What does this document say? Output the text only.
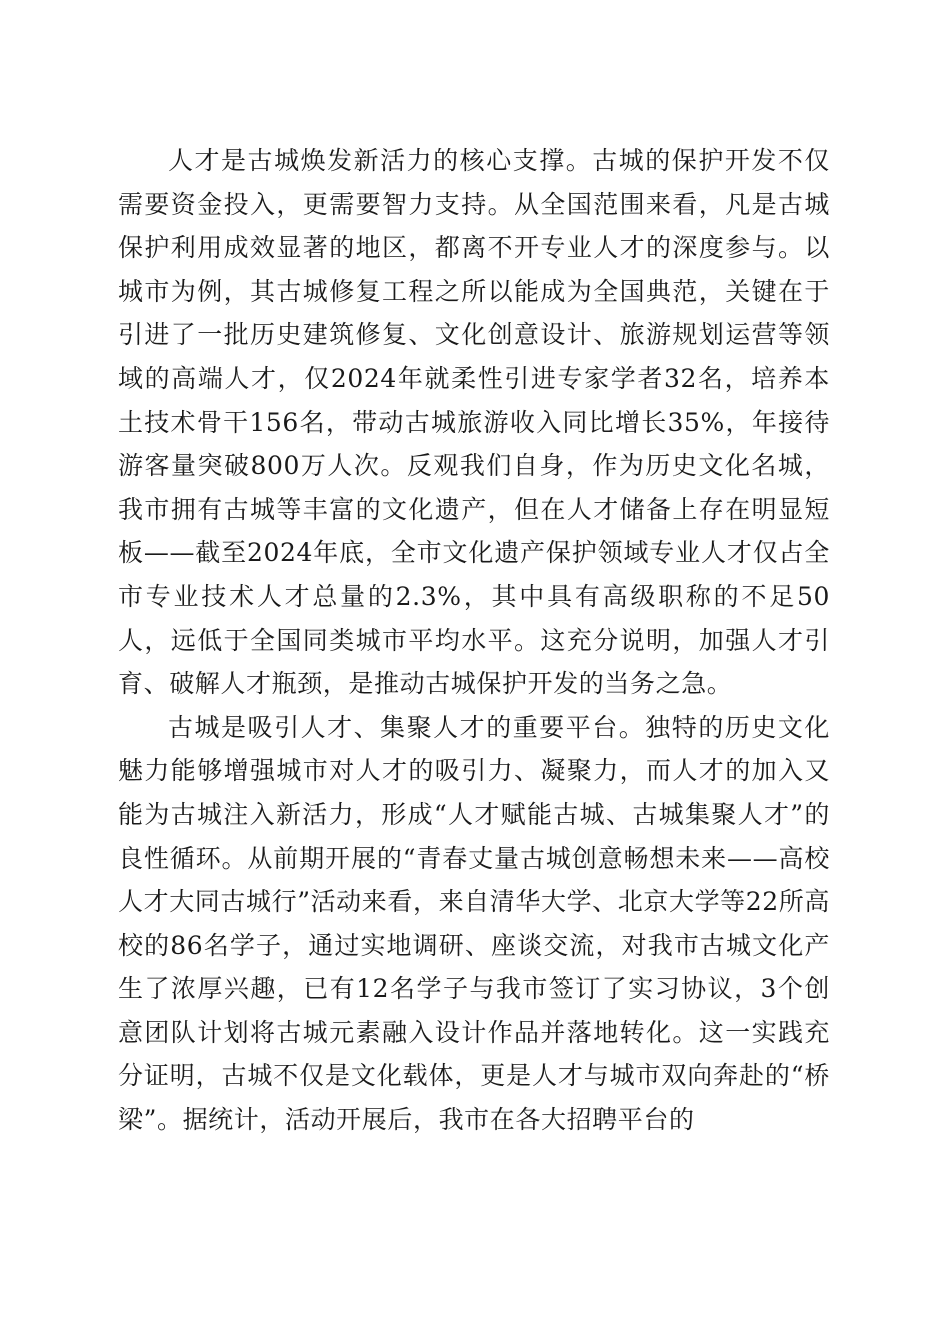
人才是古城焕发新活力的核心支撑。古城的保护开发不仅需要资金投入，更需要智力支持。从全国范围来看，凡是古城保护利用成效显著的地区，都离不开专业人才的深度参与。以城市为例，其古城修复工程之所以能成为全国典范，关键在于引进了一批历史建筑修复、文化创意设计、旅游规划运营等领域的高端人才，仅2024年就柔性引进专家学者32名，培养本土技术骨干156名，带动古城旅游收入同比增长35%，年接待游客量突破800万人次。反观我们自身，作为历史文化名城，我市拥有古城等丰富的文化遗产，但在人才储备上存在明显短板——截至2024年底，全市文化遗产保护领域专业人才仅占全市专业技术人才总量的2.3%，其中具有高级职称的不足50人，远低于全国同类城市平均水平。这充分说明，加强人才引育、破解人才瓶颈，是推动古城保护开发的当务之急。

古城是吸引人才、集聚人才的重要平台。独特的历史文化魅力能够增强城市对人才的吸引力、凝聚力，而人才的加入又能为古城注入新活力，形成“人才赋能古城、古城集聚人才”的良性循环。从前期开展的“青春丈量古城创意畅想未来——高校人才大同古城行”活动来看，来自清华大学、北京大学等22所高校的86名学子，通过实地调研、座谈交流，对我市古城文化产生了浓厚兴趣，已有12名学子与我市签订了实习协议，3个创意团队计划将古城元素融入设计作品并落地转化。这一实践充分证明，古城不仅是文化载体，更是人才与城市双向奔赴的“桥梁”。据统计，活动开展后，我市在各大招聘平台的
